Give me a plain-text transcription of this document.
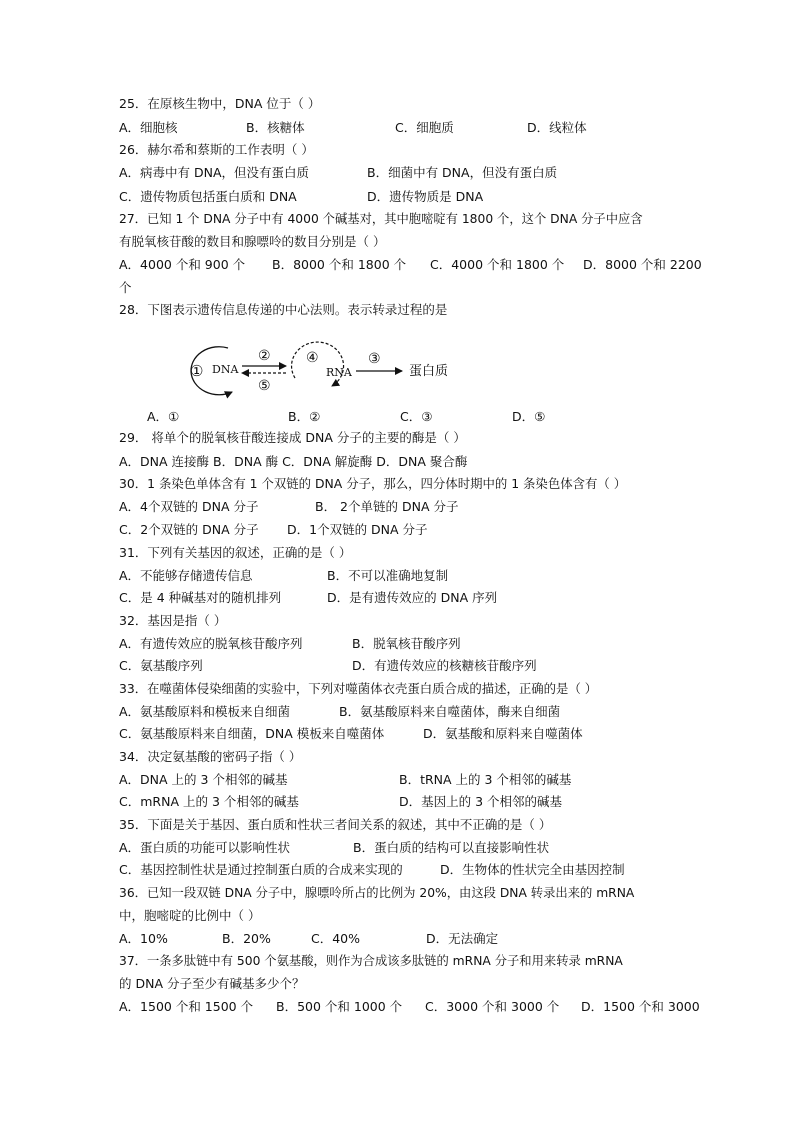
25．在原核生物中，DNA 位于（ ）
A．细胞核	B．核糖体	C．细胞质	D．线粒体
26．赫尔希和蔡斯的工作表明（ ）
A．病毒中有 DNA，但没有蛋白质	B．细菌中有 DNA，但没有蛋白质
C．遗传物质包括蛋白质和 DNA	D．遗传物质是 DNA
27．已知 1 个 DNA 分子中有 4000 个碱基对，其中胞嘧啶有 1800 个，这个 DNA 分子中应含
有脱氧核苷酸的数目和腺嘌呤的数目分别是（ ）
A．4000 个和 900 个 B．8000 个和 1800 个 C．4000 个和 1800 个 D．8000 个和 2200
个
28．下图表示遗传信息传递的中心法则。表示转录过程的是
① DNA
②
⑤
④
RNA
③
蛋白质
A．①	B．②	C．③	D．⑤
29． 将单个的脱氧核苷酸连接成 DNA 分子的主要的酶是（ ）
A．DNA 连接酶 B．DNA 酶 C．DNA 解旋酶 D．DNA 聚合酶
30．1 条染色单体含有 1 个双链的 DNA 分子，那么，四分体时期中的 1 条染色体含有（ ）
A．4个双链的 DNA 分子	B． 2个单链的 DNA 分子
C．2个双链的 DNA 分子 D．1个双链的 DNA 分子
31．下列有关基因的叙述，正确的是（ ）
A．不能够存储遗传信息	B．不可以准确地复制
C．是 4 种碱基对的随机排列	D．是有遗传效应的 DNA 序列
32．基因是指（ ）
A．有遗传效应的脱氧核苷酸序列	B．脱氧核苷酸序列
C．氨基酸序列	D．有遗传效应的核糖核苷酸序列
33．在噬菌体侵染细菌的实验中，下列对噬菌体衣壳蛋白质合成的描述，正确的是（ ）
A．氨基酸原料和模板来自细菌	B．氨基酸原料来自噬菌体，酶来自细菌
C．氨基酸原料来自细菌，DNA 模板来自噬菌体	D．氨基酸和原料来自噬菌体
34．决定氨基酸的密码子指（ ）
A．DNA 上的 3 个相邻的碱基	B．tRNA 上的 3 个相邻的碱基
C．mRNA 上的 3 个相邻的碱基	D．基因上的 3 个相邻的碱基
35．下面是关于基因、蛋白质和性状三者间关系的叙述，其中不正确的是（ ）
A．蛋白质的功能可以影响性状	B．蛋白质的结构可以直接影响性状
C．基因控制性状是通过控制蛋白质的合成来实现的	D．生物体的性状完全由基因控制
36．已知一段双链 DNA 分子中，腺嘌呤所占的比例为 20%，由这段 DNA 转录出来的 mRNA
中，胞嘧啶的比例中（ ）
A．10%	B．20%	C．40%	D．无法确定
37．一条多肽链中有 500 个氨基酸，则作为合成该多肽链的 mRNA 分子和用来转录 mRNA
的 DNA 分子至少有碱基多少个？
A．1500 个和 1500 个 B．500 个和 1000 个 C．3000 个和 3000 个 D．1500 个和 3000
